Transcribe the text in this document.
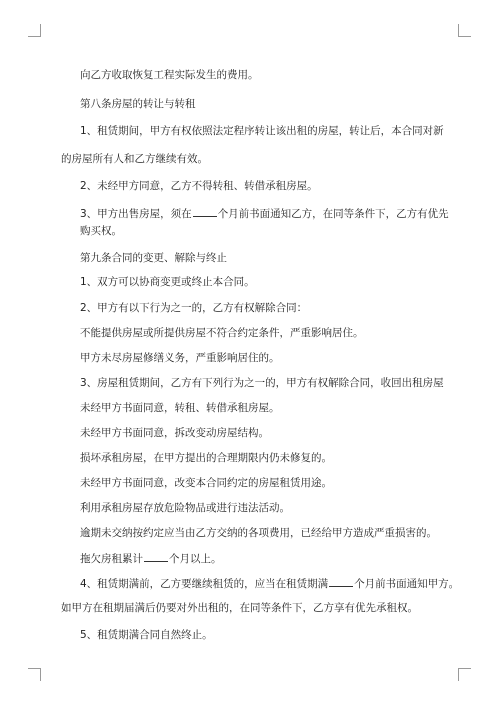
向乙方收取恢复工程实际发生的费用。
第八条房屋的转让与转租
1、租赁期间，甲方有权依照法定程序转让该出租的房屋，转让后，本合同对新
的房屋所有人和乙方继续有效。
2、未经甲方同意，乙方不得转租、转借承租房屋。
3、甲方出售房屋，须在 个月前书面通知乙方，在同等条件下，乙方有优先
购买权。
第九条合同的变更、解除与终止
1、双方可以协商变更或终止本合同。
2、甲方有以下行为之一的，乙方有权解除合同：
不能提供房屋或所提供房屋不符合约定条件，严重影响居住。
甲方未尽房屋修缮义务，严重影响居住的。
3、房屋租赁期间，乙方有下列行为之一的，甲方有权解除合同，收回出租房屋
未经甲方书面同意，转租、转借承租房屋。
未经甲方书面同意，拆改变动房屋结构。
损坏承租房屋，在甲方提出的合理期限内仍未修复的。
未经甲方书面同意，改变本合同约定的房屋租赁用途。
利用承租房屋存放危险物品或进行违法活动。
逾期未交纳按约定应当由乙方交纳的各项费用，已经给甲方造成严重损害的。
拖欠房租累计 个月以上。
4、租赁期满前，乙方要继续租赁的，应当在租赁期满 个月前书面通知甲方。
如甲方在租期届满后仍要对外出租的，在同等条件下，乙方享有优先承租权。
5、租赁期满合同自然终止。
